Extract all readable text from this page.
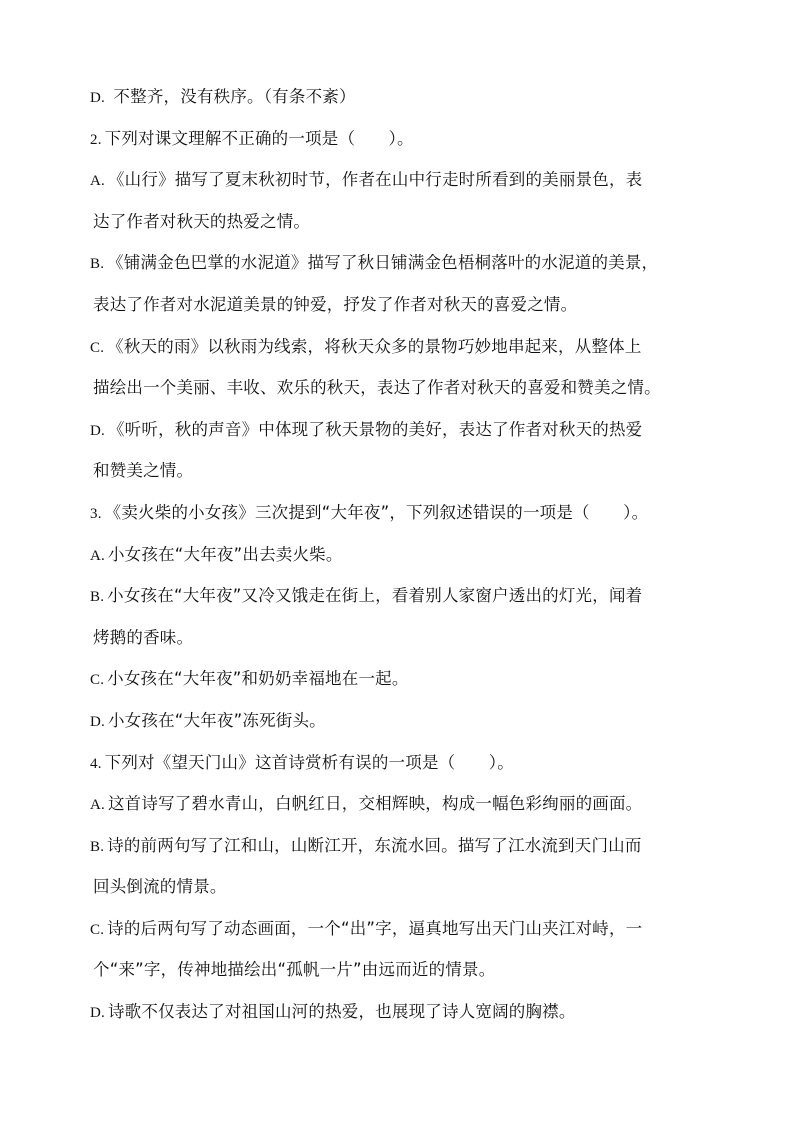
D. 不整齐，没有秩序。（有条不紊）
2. 下列对课文理解不正确的一项是（　　）。
A. 《山行》描写了夏末秋初时节，作者在山中行走时所看到的美丽景色，表
达了作者对秋天的热爱之情。
B. 《铺满金色巴掌的水泥道》描写了秋日铺满金色梧桐落叶的水泥道的美景，
表达了作者对水泥道美景的钟爱，抒发了作者对秋天的喜爱之情。
C. 《秋天的雨》以秋雨为线索，将秋天众多的景物巧妙地串起来，从整体上
描绘出一个美丽、丰收、欢乐的秋天，表达了作者对秋天的喜爱和赞美之情。
D. 《听听，秋的声音》中体现了秋天景物的美好，表达了作者对秋天的热爱
和赞美之情。
3. 《卖火柴的小女孩》三次提到“大年夜”，下列叙述错误的一项是（　　）。
A. 小女孩在“大年夜”出去卖火柴。
B. 小女孩在“大年夜”又冷又饿走在街上，看着别人家窗户透出的灯光，闻着
烤鹅的香味。
C. 小女孩在“大年夜”和奶奶幸福地在一起。
D. 小女孩在“大年夜”冻死街头。
4. 下列对《望天门山》这首诗赏析有误的一项是（　　）。
A. 这首诗写了碧水青山，白帆红日，交相辉映，构成一幅色彩绚丽的画面。
B. 诗的前两句写了江和山，山断江开，东流水回。描写了江水流到天门山而
回头倒流的情景。
C. 诗的后两句写了动态画面，一个“出”字，逼真地写出天门山夹江对峙，一
个“来”字，传神地描绘出“孤帆一片”由远而近的情景。
D. 诗歌不仅表达了对祖国山河的热爱，也展现了诗人宽阔的胸襟。
